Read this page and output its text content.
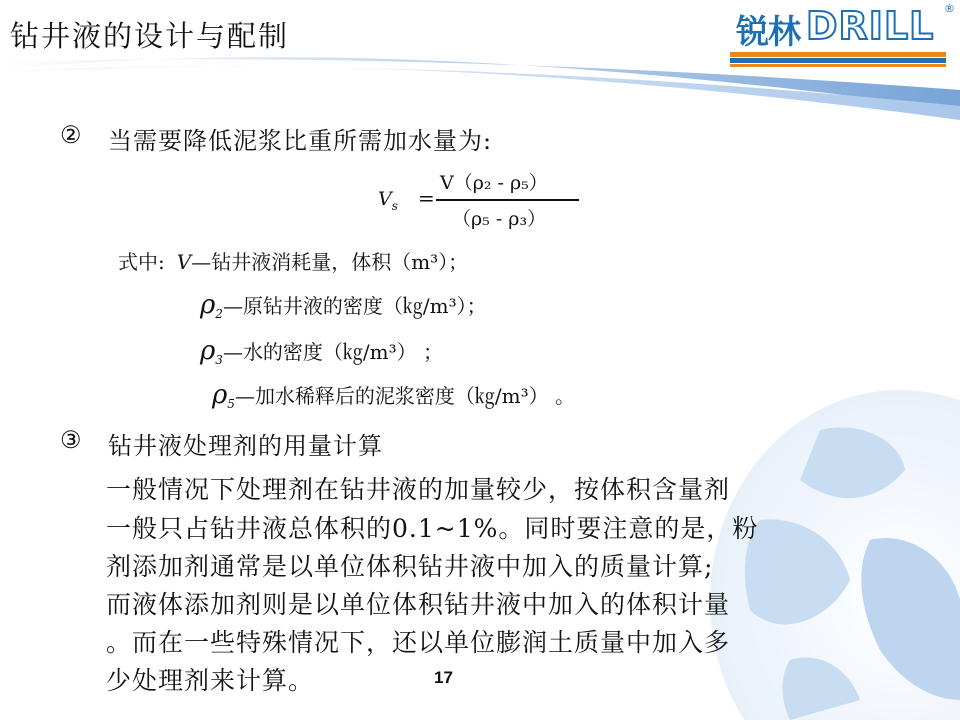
钻井液的设计与配制	锐林 DRILL ®
② 当需要降低泥浆比重所需加水量为:
$V_s$ =
V（ρ₂ - ρ₅）
（ρ₅ - ρ₃）
式中: V—钻井液消耗量，体积（m³）；
$\rho_2—$原钻井液的密度（㎏/m³）；
$\rho_3—$水的密度（㎏/m³） ；
$\rho_5—$加水稀释后的泥浆密度（㎏/m³） 。
③ 钻井液处理剂的用量计算
一般情况下处理剂在钻井液的加量较少，按体积含量剂
一般只占钻井液总体积的0.1~1%。同时要注意的是，粉
剂添加剂通常是以单位体积钻井液中加入的质量计算;
而液体添加剂则是以单位体积钻井液中加入的体积计量
。而在一些特殊情况下，还以单位膨润土质量中加入多
少处理剂来计算。	17
